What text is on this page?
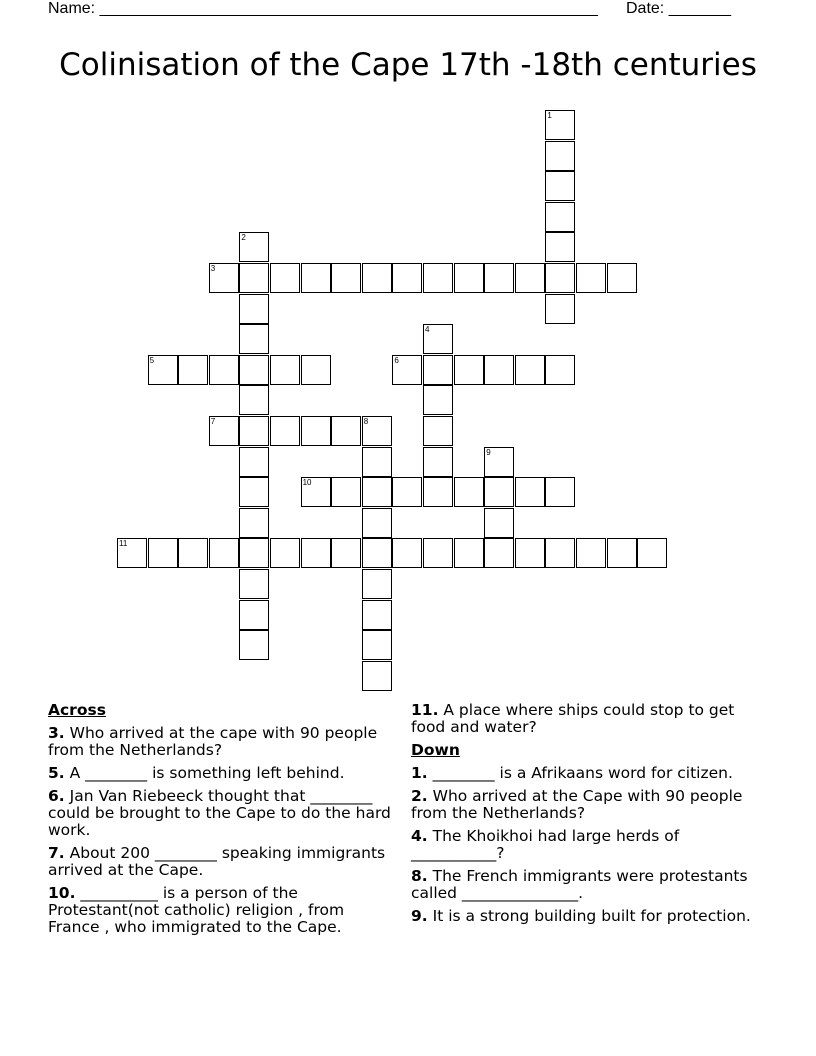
Name: ________________________________________________________ Date: _______
Colinisation of the Cape 17th -18th centuries
1
2
3
4
5	6
7	8
9
10
11
Across
3. Who arrived at the cape with 90 people from the Netherlands?
5. A ________ is something left behind.
6. Jan Van Riebeeck thought that ________ could be brought to the Cape to do the hard work.
7. About 200 ________ speaking immigrants arrived at the Cape.
10. __________ is a person of the Protestant(not catholic) religion , from France , who immigrated to the Cape.
11. A place where ships could stop to get food and water?
Down
1. ________ is a Afrikaans word for citizen.
2. Who arrived at the Cape with 90 people from the Netherlands?
4. The Khoikhoi had large herds of ___________?
8. The French immigrants were protestants called _______________.
9. It is a strong building built for protection.
